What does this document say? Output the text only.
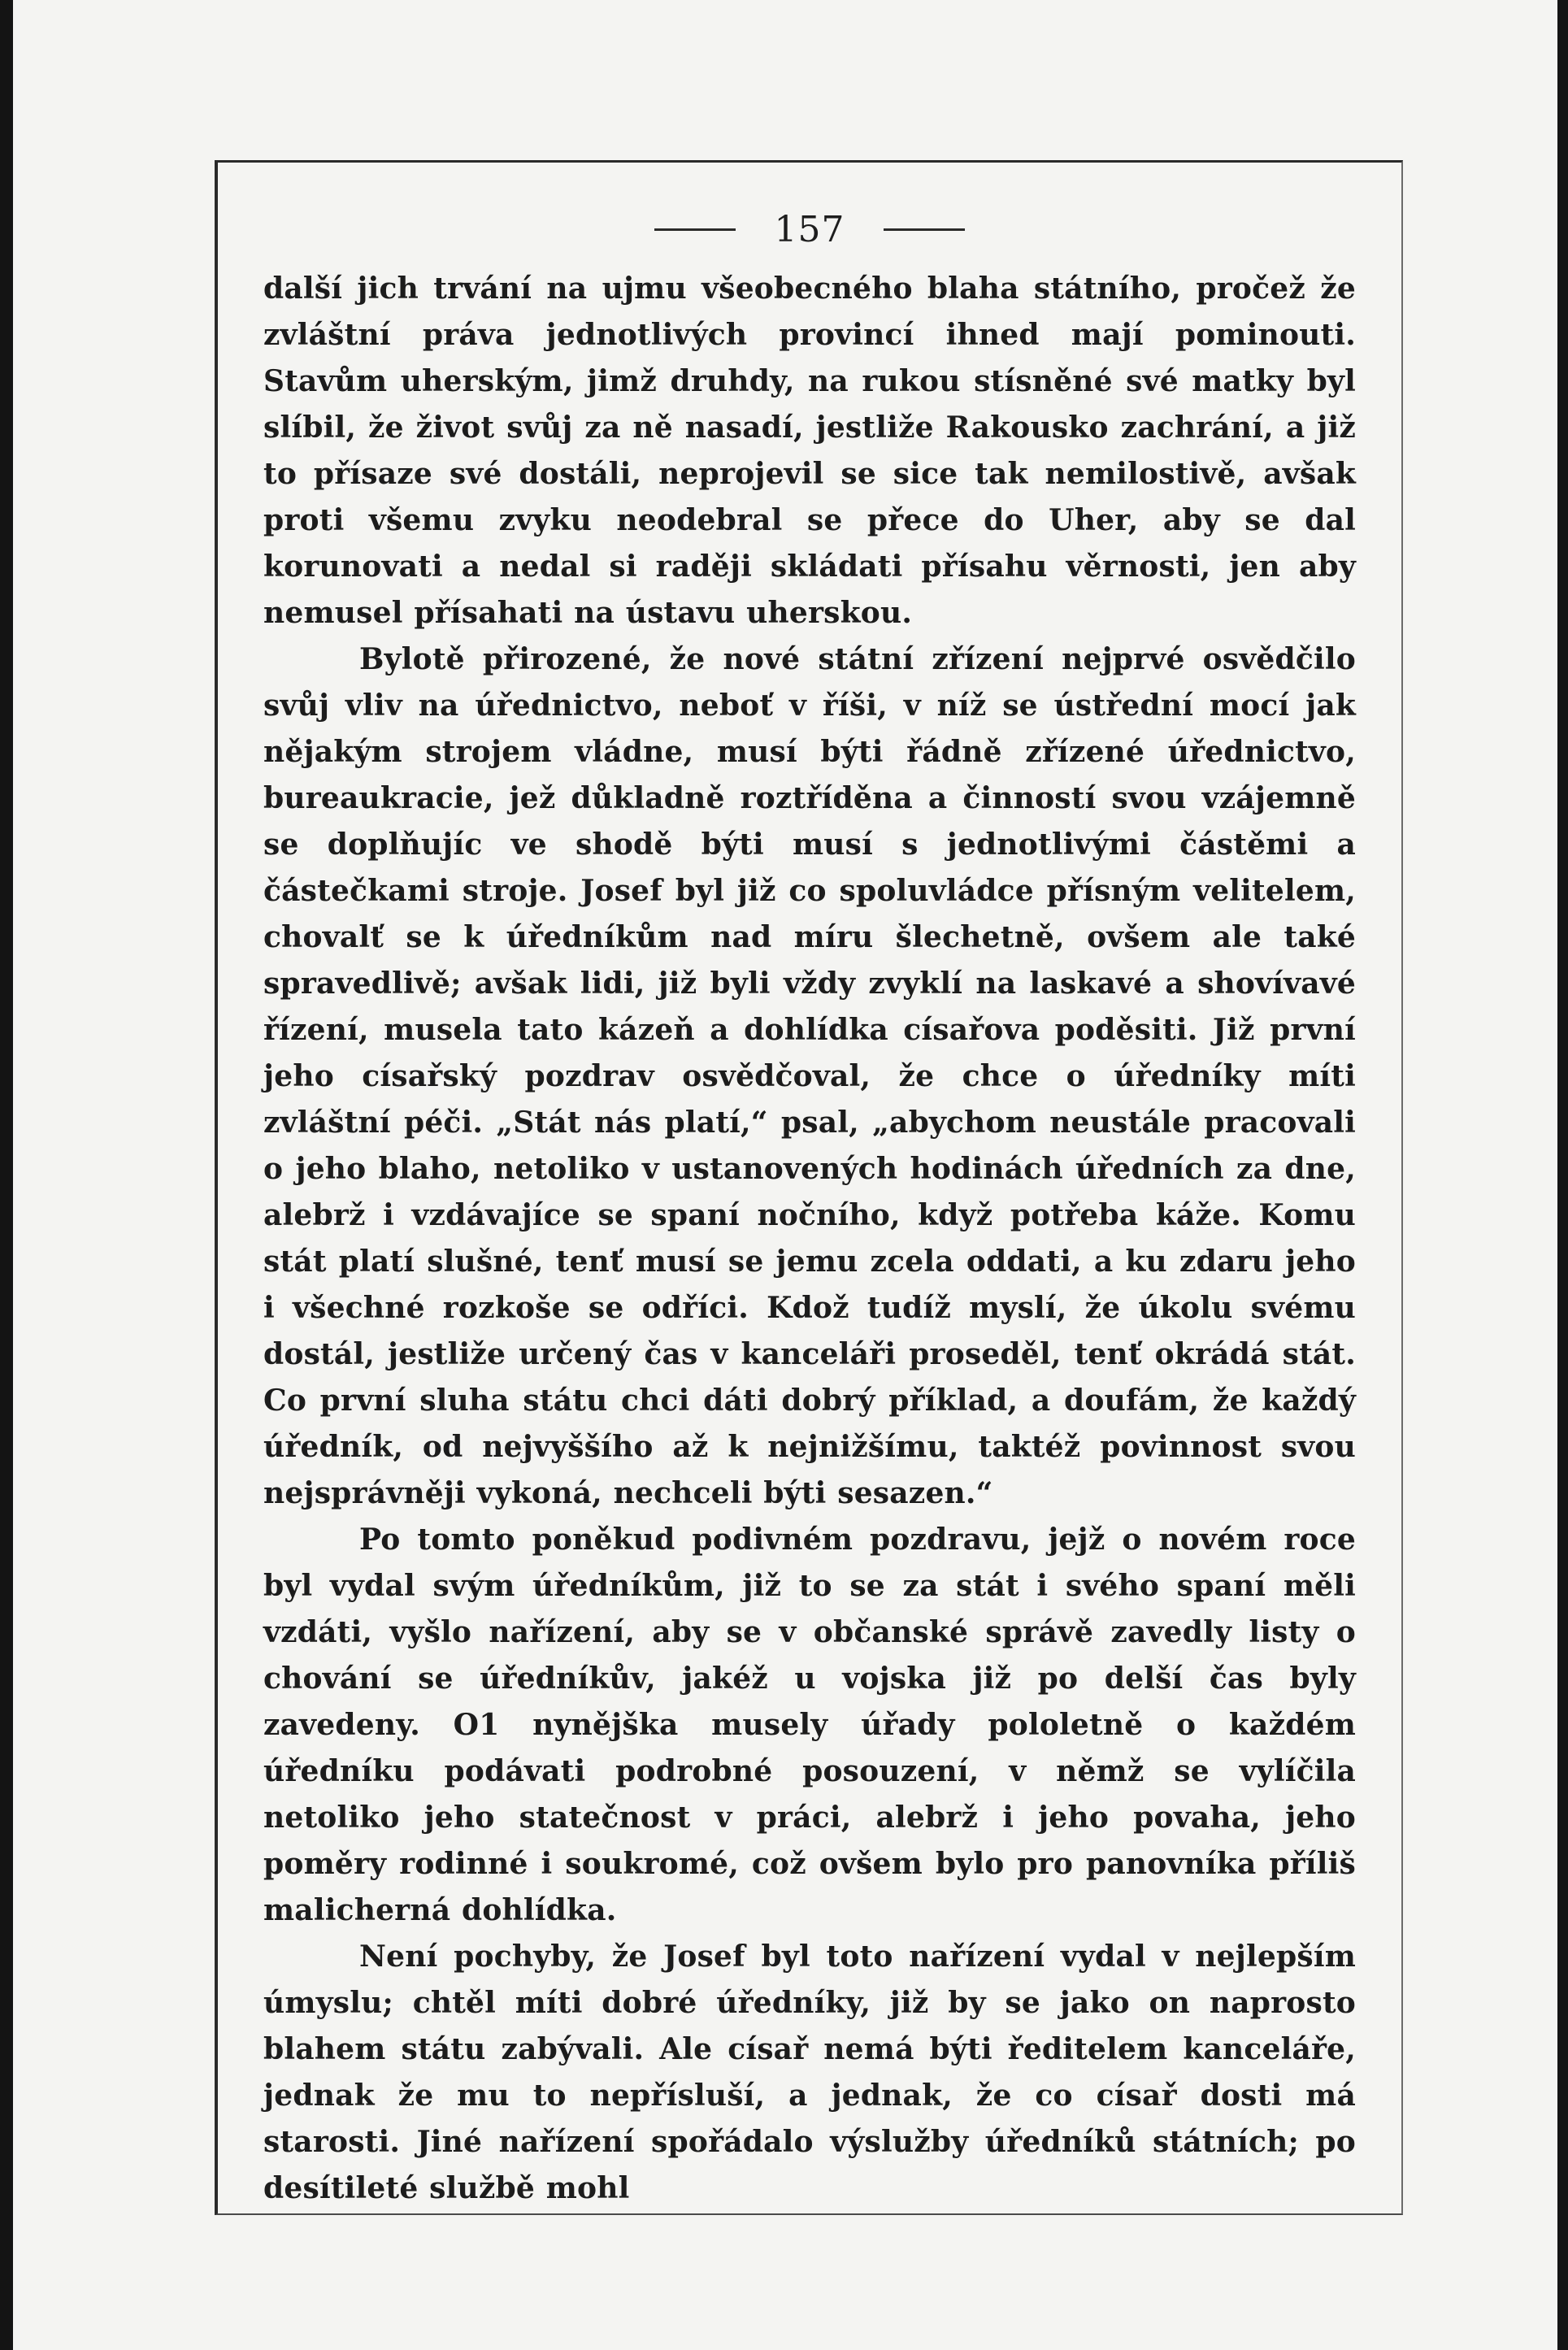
157

další jich trvání na ujmu všeobecného blaha státního, pročež že zvláštní práva jednotlivých provincí ihned mají pominouti. Stavům uherským, jimž druhdy, na rukou stísněné své matky byl slíbil, že život svůj za ně nasadí, jestliže Rakousko zachrání, a již to přísaze své dostáli, neprojevil se sice tak nemilostivě, avšak proti všemu zvyku neodebral se přece do Uher, aby se dal korunovati a nedal si raději skládati přísahu věrnosti, jen aby nemusel přísahati na ústavu uherskou.

Bylotě přirozené, že nové státní zřízení nejprvé osvědčilo svůj vliv na úřednictvo, neboť v říši, v níž se ústřední mocí jak nějakým strojem vládne, musí býti řádně zřízené úřednictvo, bureaukracie, jež důkladně roztříděna a činností svou vzájemně se doplňujíc ve shodě býti musí s jednotlivými částěmi a částečkami stroje. Josef byl již co spoluvládce přísným velitelem, chovalť se k úředníkům nad míru šlechetně, ovšem ale také spravedlivě; avšak lidi, již byli vždy zvyklí na laskavé a shovívavé řízení, musela tato kázeň a dohlídka císařova poděsiti. Již první jeho císařský pozdrav osvědčoval, že chce o úředníky míti zvláštní péči. „Stát nás platí,“ psal, „abychom neustále pracovali o jeho blaho, netoliko v ustanovených hodinách úředních za dne, alebrž i vzdávajíce se spaní nočního, když potřeba káže. Komu stát platí slušné, tenť musí se jemu zcela oddati, a ku zdaru jeho i všechné rozkoše se odříci. Kdož tudíž myslí, že úkolu svému dostál, jestliže určený čas v kanceláři proseděl, tenť okrádá stát. Co první sluha státu chci dáti dobrý příklad, a doufám, že každý úředník, od nejvyššího až k nejnižšímu, taktéž povinnost svou nejsprávněji vykoná, nechceli býti sesazen.“

Po tomto poněkud podivném pozdravu, jejž o novém roce byl vydal svým úředníkům, již to se za stát i svého spaní měli vzdáti, vyšlo nařízení, aby se v občanské správě zavedly listy o chování se úředníkův, jakéž u vojska již po delší čas byly zavedeny. O1 nynějška musely úřady pololetně o každém úředníku podávati podrobné posouzení, v němž se vylíčila netoliko jeho statečnost v práci, alebrž i jeho povaha, jeho poměry rodinné i soukromé, což ovšem bylo pro panovníka příliš malicherná dohlídka.

Není pochyby, že Josef byl toto nařízení vydal v nejlepším úmyslu; chtěl míti dobré úředníky, již by se jako on naprosto blahem státu zabývali. Ale císař nemá býti ředitelem kanceláře, jednak že mu to nepřísluší, a jednak, že co císař dosti má starosti. Jiné nařízení spořádalo výslužby úředníků státních; po desítileté službě mohl
